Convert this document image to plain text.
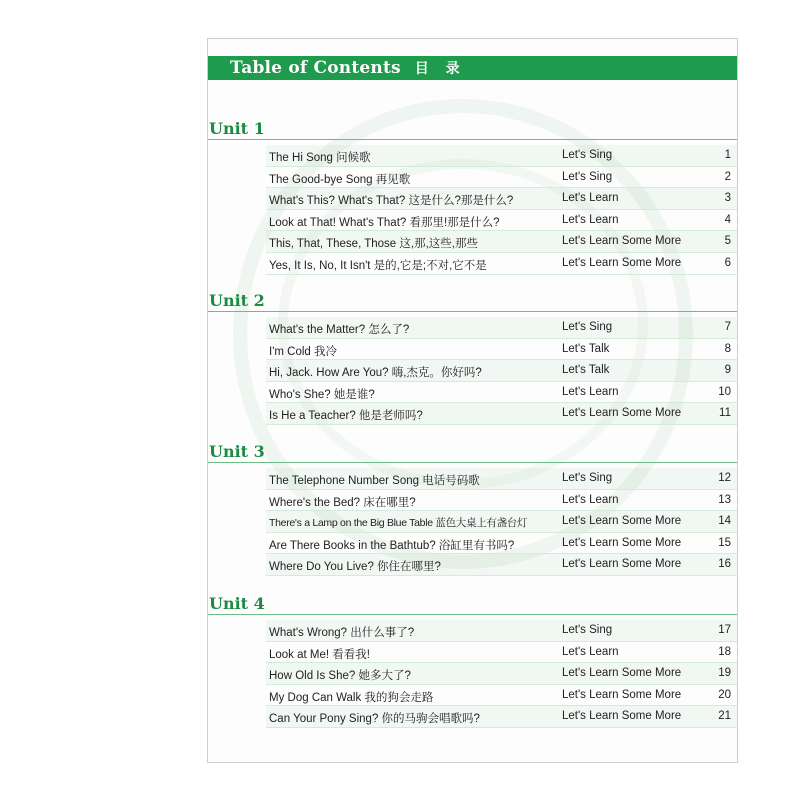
Table of Contents 目 录
Unit 1
The Hi Song 问候歌	Let's Sing	1
The Good-bye Song 再见歌	Let's Sing	2
What's This? What's That? 这是什么?那是什么?	Let's Learn	3
Look at That! What's That? 看那里!那是什么?	Let's Learn	4
This, That, These, Those 这,那,这些,那些	Let's Learn Some More	5
Yes, It Is, No, It Isn't 是的,它是;不对,它不是	Let's Learn Some More	6
Unit 2
What's the Matter? 怎么了?	Let's Sing	7
I'm Cold 我冷	Let's Talk	8
Hi, Jack. How Are You? 嗨,杰克。你好吗?	Let's Talk	9
Who's She? 她是谁?	Let's Learn	10
Is He a Teacher? 他是老师吗?	Let's Learn Some More	11
Unit 3
The Telephone Number Song 电话号码歌	Let's Sing	12
Where's the Bed? 床在哪里?	Let's Learn	13
There's a Lamp on the Big Blue Table 蓝色大桌上有盏台灯	Let's Learn Some More	14
Are There Books in the Bathtub? 浴缸里有书吗?	Let's Learn Some More	15
Where Do You Live? 你住在哪里?	Let's Learn Some More	16
Unit 4
What's Wrong? 出什么事了?	Let's Sing	17
Look at Me! 看看我!	Let's Learn	18
How Old Is She? 她多大了?	Let's Learn Some More	19
My Dog Can Walk 我的狗会走路	Let's Learn Some More	20
Can Your Pony Sing? 你的马驹会唱歌吗?	Let's Learn Some More	21
